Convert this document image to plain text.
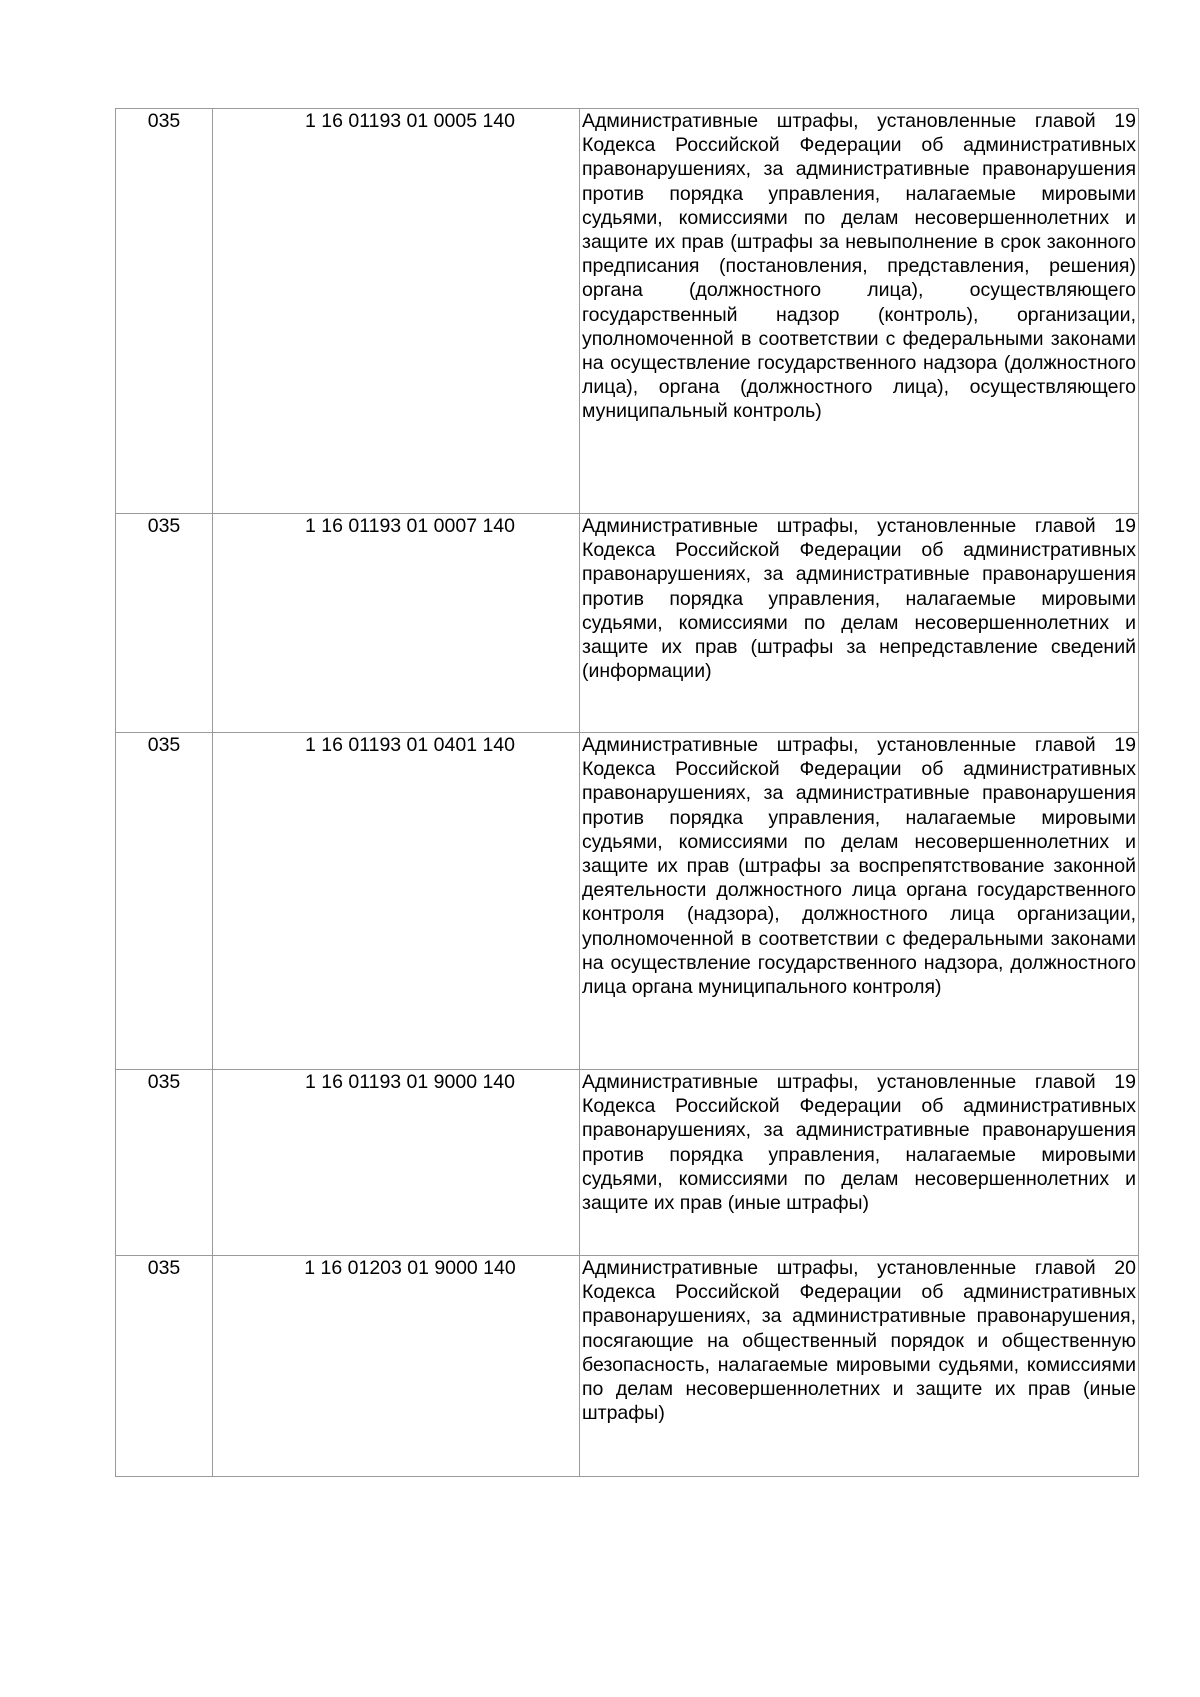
035	1 16 01193 01 0005 140	Административные штрафы, установленные главой 19 Кодекса Российской Федерации об административных правонарушениях, за административные правонарушения против порядка управления, налагаемые мировыми судьями, комиссиями по делам несовершеннолетних и защите их прав (штрафы за невыполнение в срок законного предписания (постановления, представления, решения) органа (должностного лица), осуществляющего государственный надзор (контроль), организации, уполномоченной в соответствии с федеральными законами на осуществление государственного надзора (должностного лица), органа (должностного лица), осуществляющего муниципальный контроль)

035	1 16 01193 01 0007 140	Административные штрафы, установленные главой 19 Кодекса Российской Федерации об административных правонарушениях, за административные правонарушения против порядка управления, налагаемые мировыми судьями, комиссиями по делам несовершеннолетних и защите их прав (штрафы за непредставление сведений (информации)

035	1 16 01193 01 0401 140	Административные штрафы, установленные главой 19 Кодекса Российской Федерации об административных правонарушениях, за административные правонарушения против порядка управления, налагаемые мировыми судьями, комиссиями по делам несовершеннолетних и защите их прав (штрафы за воспрепятствование законной деятельности должностного лица органа государственного контроля (надзора), должностного лица организации, уполномоченной в соответствии с федеральными законами на осуществление государственного надзора, должностного лица органа муниципального контроля)

035	1 16 01193 01 9000 140	Административные штрафы, установленные главой 19 Кодекса Российской Федерации об административных правонарушениях, за административные правонарушения против порядка управления, налагаемые мировыми судьями, комиссиями по делам несовершеннолетних и защите их прав (иные штрафы)

035	1 16 01203 01 9000 140	Административные штрафы, установленные главой 20 Кодекса Российской Федерации об административных правонарушениях, за административные правонарушения, посягающие на общественный порядок и общественную безопасность, налагаемые мировыми судьями, комиссиями по делам несовершеннолетних и защите их прав (иные штрафы)
